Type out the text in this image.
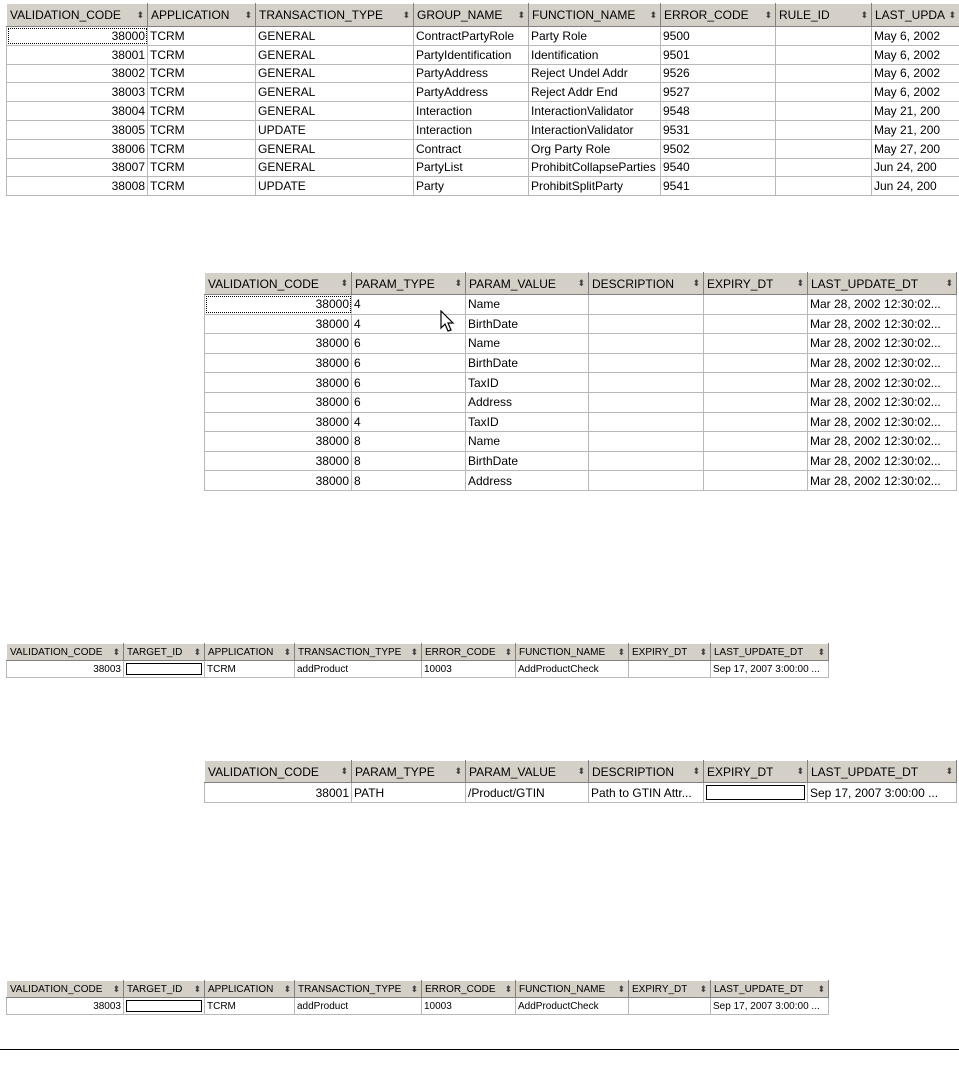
VALIDATION_CODE ⬍	APPLICATION ⬍	TRANSACTION_TYPE ⬍	GROUP_NAME ⬍	FUNCTION_NAME ⬍	ERROR_CODE ⬍	RULE_ID ⬍	LAST_UPDA ⬍

38000	TCRM	GENERAL	ContractPartyRole	Party Role	9500		May 6, 2002
38001	TCRM	GENERAL	PartyIdentification	Identification	9501		May 6, 2002
38002	TCRM	GENERAL	PartyAddress	Reject Undel Addr	9526		May 6, 2002
38003	TCRM	GENERAL	PartyAddress	Reject Addr End	9527		May 6, 2002
38004	TCRM	GENERAL	Interaction	InteractionValidator	9548		May 21, 200
38005	TCRM	UPDATE	Interaction	InteractionValidator	9531		May 21, 200
38006	TCRM	GENERAL	Contract	Org Party Role	9502		May 27, 200
38007	TCRM	GENERAL	PartyList	ProhibitCollapseParties	9540		Jun 24, 200
38008	TCRM	UPDATE	Party	ProhibitSplitParty	9541		Jun 24, 200
VALIDATION_CODE ⬍	PARAM_TYPE ⬍	PARAM_VALUE ⬍	DESCRIPTION ⬍	EXPIRY_DT ⬍	LAST_UPDATE_DT ⬍

38000	4	Name			Mar 28, 2002 12:30:02...
38000	4	BirthDate			Mar 28, 2002 12:30:02...
38000	6	Name			Mar 28, 2002 12:30:02...
38000	6	BirthDate			Mar 28, 2002 12:30:02...
38000	6	TaxID			Mar 28, 2002 12:30:02...
38000	6	Address			Mar 28, 2002 12:30:02...
38000	4	TaxID			Mar 28, 2002 12:30:02...
38000	8	Name			Mar 28, 2002 12:30:02...
38000	8	BirthDate			Mar 28, 2002 12:30:02...
38000	8	Address			Mar 28, 2002 12:30:02...
VALIDATION_CODE ⬍	TARGET_ID ⬍	APPLICATION ⬍	TRANSACTION_TYPE ⬍	ERROR_CODE ⬍	FUNCTION_NAME ⬍	EXPIRY_DT ⬍	LAST_UPDATE_DT ⬍

38003		TCRM	addProduct	10003	AddProductCheck		Sep 17, 2007 3:00:00 ...
VALIDATION_CODE ⬍	PARAM_TYPE ⬍	PARAM_VALUE ⬍	DESCRIPTION ⬍	EXPIRY_DT ⬍	LAST_UPDATE_DT ⬍

38001	PATH	/Product/GTIN	Path to GTIN Attr...		Sep 17, 2007 3:00:00 ...
VALIDATION_CODE ⬍	TARGET_ID ⬍	APPLICATION ⬍	TRANSACTION_TYPE ⬍	ERROR_CODE ⬍	FUNCTION_NAME ⬍	EXPIRY_DT ⬍	LAST_UPDATE_DT ⬍

38003		TCRM	addProduct	10003	AddProductCheck		Sep 17, 2007 3:00:00 ...
